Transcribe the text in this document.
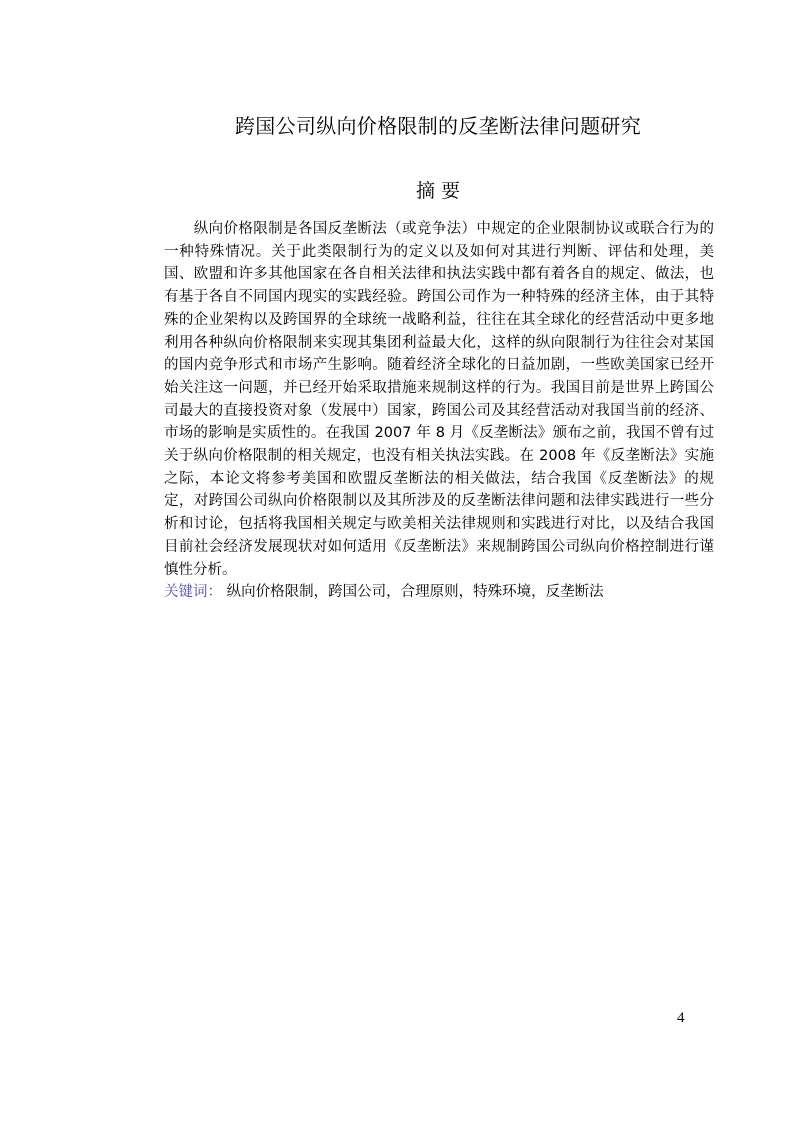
跨国公司纵向价格限制的反垄断法律问题研究
摘 要
纵向价格限制是各国反垄断法（或竞争法）中规定的企业限制协议或联合行为的一种特殊情况。关于此类限制行为的定义以及如何对其进行判断、评估和处理，美国、欧盟和许多其他国家在各自相关法律和执法实践中都有着各自的规定、做法，也有基于各自不同国内现实的实践经验。跨国公司作为一种特殊的经济主体，由于其特殊的企业架构以及跨国界的全球统一战略利益，往往在其全球化的经营活动中更多地利用各种纵向价格限制来实现其集团利益最大化，这样的纵向限制行为往往会对某国的国内竞争形式和市场产生影响。随着经济全球化的日益加剧，一些欧美国家已经开始关注这一问题，并已经开始采取措施来规制这样的行为。我国目前是世界上跨国公司最大的直接投资对象（发展中）国家，跨国公司及其经营活动对我国当前的经济、市场的影响是实质性的。在我国 2007 年 8 月《反垄断法》颁布之前，我国不曾有过关于纵向价格限制的相关规定，也没有相关执法实践。在 2008 年《反垄断法》实施之际，本论文将参考美国和欧盟反垄断法的相关做法，结合我国《反垄断法》的规定，对跨国公司纵向价格限制以及其所涉及的反垄断法律问题和法律实践进行一些分析和讨论，包括将我国相关规定与欧美相关法律规则和实践进行对比，以及结合我国目前社会经济发展现状对如何适用《反垄断法》来规制跨国公司纵向价格控制进行谨慎性分析。
关键词： 纵向价格限制，跨国公司，合理原则，特殊环境，反垄断法
4
